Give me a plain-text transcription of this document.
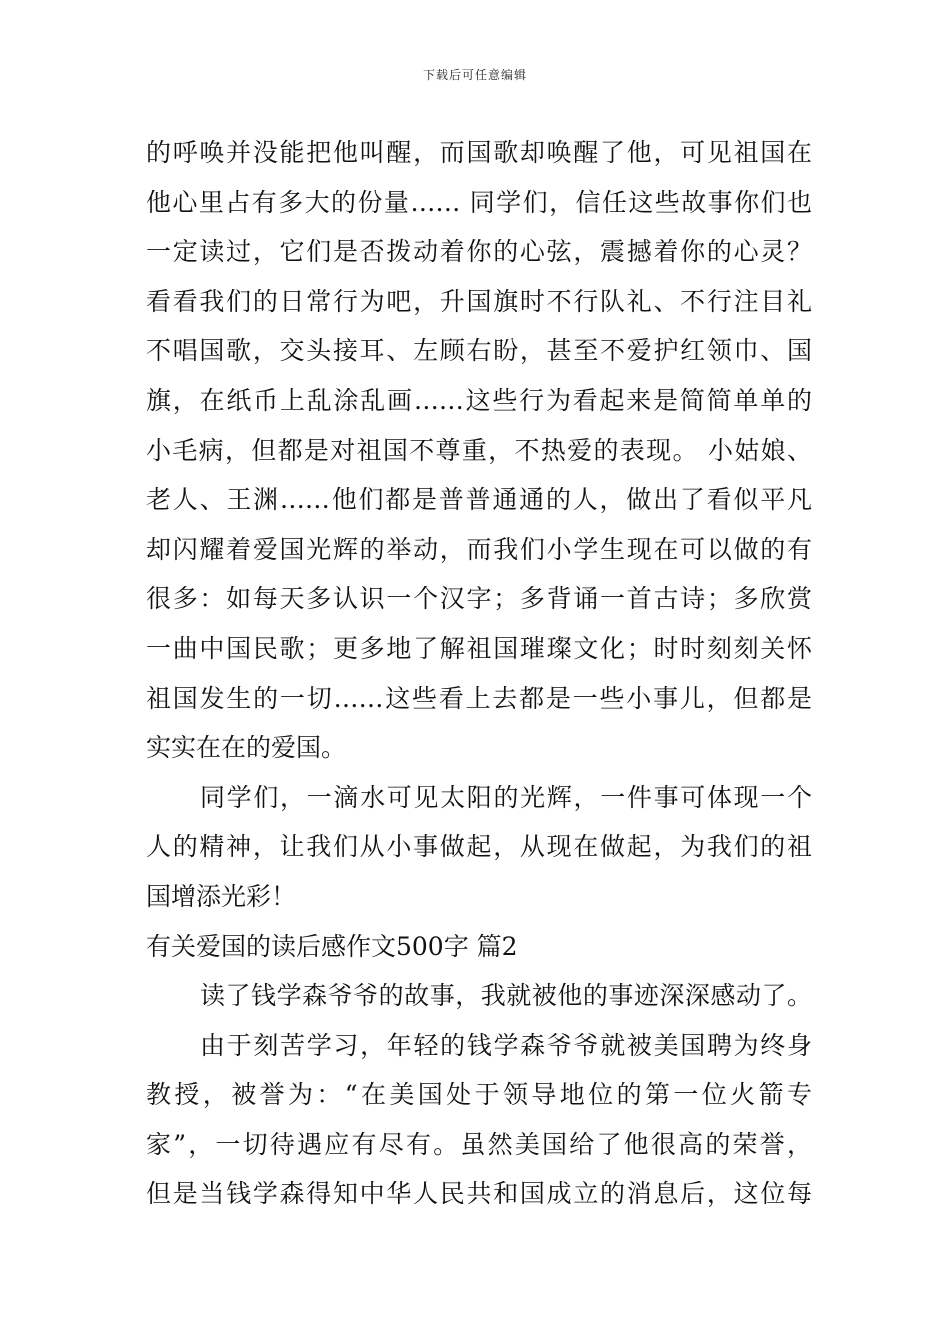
下载后可任意编辑
的呼唤并没能把他叫醒，而国歌却唤醒了他，可见祖国在
他心里占有多大的份量…… 同学们，信任这些故事你们也
一定读过，它们是否拨动着你的心弦，震撼着你的心灵？
看看我们的日常行为吧，升国旗时不行队礼、不行注目礼
不唱国歌，交头接耳、左顾右盼，甚至不爱护红领巾、国
旗，在纸币上乱涂乱画……这些行为看起来是简简单单的
小毛病，但都是对祖国不尊重，不热爱的表现。 小姑娘、
老人、王渊……他们都是普普通通的人，做出了看似平凡
却闪耀着爱国光辉的举动，而我们小学生现在可以做的有
很多：如每天多认识一个汉字；多背诵一首古诗；多欣赏
一曲中国民歌；更多地了解祖国璀璨文化；时时刻刻关怀
祖国发生的一切……这些看上去都是一些小事儿，但都是
实实在在的爱国。
同学们，一滴水可见太阳的光辉，一件事可体现一个
人的精神，让我们从小事做起，从现在做起，为我们的祖
国增添光彩！
有关爱国的读后感作文500字 篇2
读了钱学森爷爷的故事，我就被他的事迹深深感动了。
由于刻苦学习，年轻的钱学森爷爷就被美国聘为终身
教授，被誉为：“在美国处于领导地位的第一位火箭专
家”，一切待遇应有尽有。虽然美国给了他很高的荣誉，
但是当钱学森得知中华人民共和国成立的消息后，这位每
